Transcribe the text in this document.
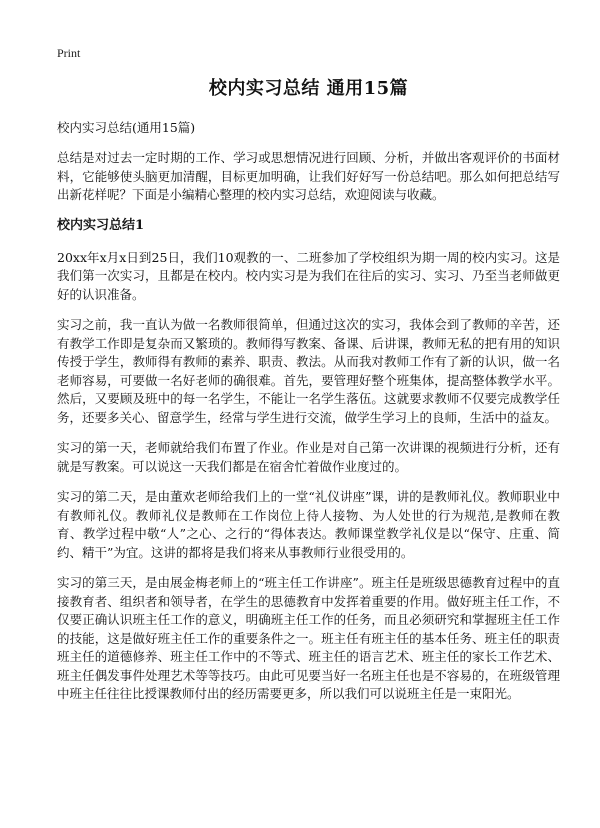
Print
校内实习总结 通用15篇

校内实习总结(通用15篇)

总结是对过去一定时期的工作、学习或思想情况进行回顾、分析，并做出客观评价的书面材料，它能够使头脑更加清醒，目标更加明确，让我们好好写一份总结吧。那么如何把总结写出新花样呢？下面是小编精心整理的校内实习总结，欢迎阅读与收藏。

校内实习总结1

20xx年x月x日到25日，我们10观教的一、二班参加了学校组织为期一周的校内实习。这是我们第一次实习，且都是在校内。校内实习是为我们在往后的实习、实习、乃至当老师做更好的认识准备。

实习之前，我一直认为做一名教师很简单，但通过这次的实习，我体会到了教师的辛苦，还有教学工作即是复杂而又繁琐的。教师得写教案、备课、后讲课，教师无私的把有用的知识传授于学生，教师得有教师的素养、职责、教法。从而我对教师工作有了新的认识，做一名老师容易，可要做一名好老师的确很难。首先，要管理好整个班集体，提高整体教学水平。然后，又要顾及班中的每一名学生，不能让一名学生落伍。这就要求教师不仅要完成教学任务，还要多关心、留意学生，经常与学生进行交流，做学生学习上的良师，生活中的益友。

实习的第一天，老师就给我们布置了作业。作业是对自己第一次讲课的视频进行分析，还有就是写教案。可以说这一天我们都是在宿舍忙着做作业度过的。

实习的第二天，是由董欢老师给我们上的一堂“礼仪讲座”课，讲的是教师礼仪。教师职业中有教师礼仪。教师礼仪是教师在工作岗位上待人接物、为人处世的行为规范,是教师在教育、教学过程中敬“人”之心、之行的“得体表达。教师课堂教学礼仪是以“保守、庄重、简约、精干”为宜。这讲的都将是我们将来从事教师行业很受用的。

实习的第三天，是由展金梅老师上的“班主任工作讲座”。班主任是班级思德教育过程中的直接教育者、组织者和领导者，在学生的思德教育中发挥着重要的作用。做好班主任工作，不仅要正确认识班主任工作的意义，明确班主任工作的任务，而且必须研究和掌握班主任工作的技能，这是做好班主任工作的重要条件之一。班主任有班主任的基本任务、班主任的职责班主任的道德修养、班主任工作中的不等式、班主任的语言艺术、班主任的家长工作艺术、班主任偶发事件处理艺术等等技巧。由此可见要当好一名班主任也是不容易的，在班级管理中班主任往往比授课教师付出的经历需要更多，所以我们可以说班主任是一束阳光。
